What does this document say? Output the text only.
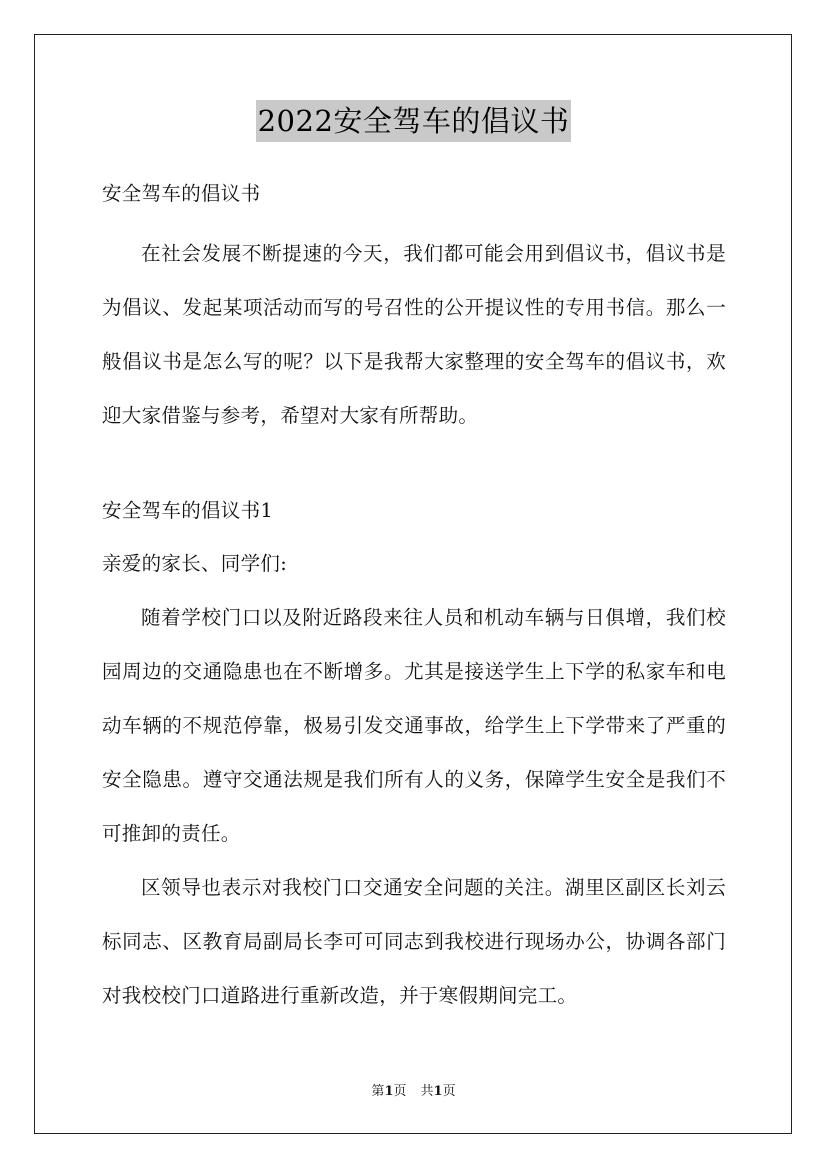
2022安全驾车的倡议书
安全驾车的倡议书

在社会发展不断提速的今天，我们都可能会用到倡议书，倡议书是为倡议、发起某项活动而写的号召性的公开提议性的专用书信。那么一般倡议书是怎么写的呢？以下是我帮大家整理的安全驾车的倡议书，欢迎大家借鉴与参考，希望对大家有所帮助。

安全驾车的倡议书1
亲爱的家长、同学们:

随着学校门口以及附近路段来往人员和机动车辆与日俱增，我们校园周边的交通隐患也在不断增多。尤其是接送学生上下学的私家车和电动车辆的不规范停靠，极易引发交通事故，给学生上下学带来了严重的安全隐患。遵守交通法规是我们所有人的义务，保障学生安全是我们不可推卸的责任。

区领导也表示对我校门口交通安全问题的关注。湖里区副区长刘云标同志、区教育局副局长李可可同志到我校进行现场办公，协调各部门对我校校门口道路进行重新改造，并于寒假期间完工。

第1页 共1页
